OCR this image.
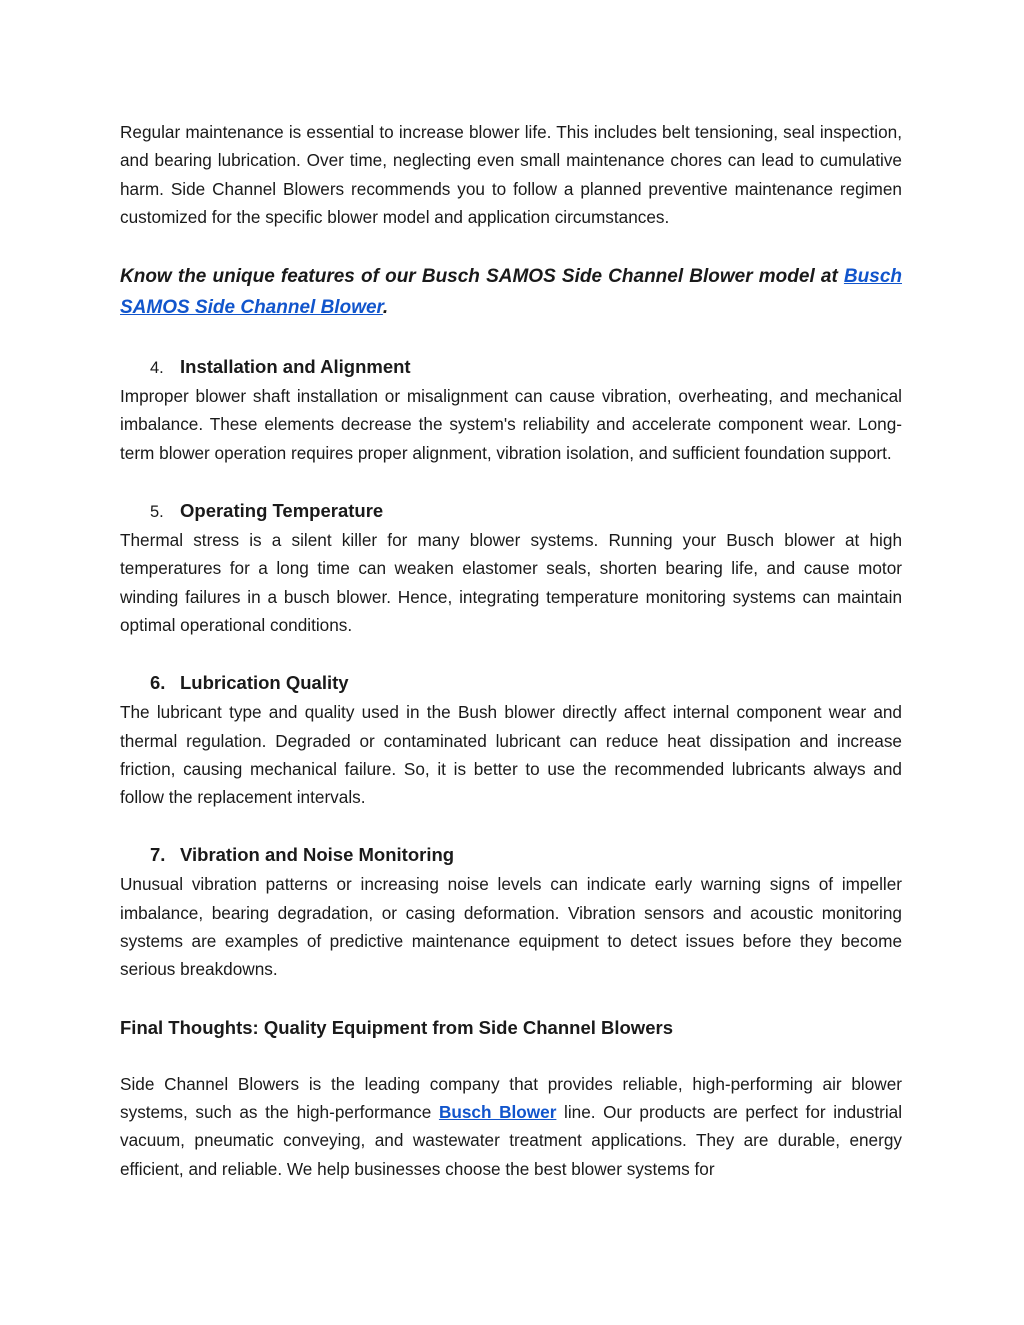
Regular maintenance is essential to increase blower life. This includes belt tensioning, seal inspection, and bearing lubrication. Over time, neglecting even small maintenance chores can lead to cumulative harm. Side Channel Blowers recommends you to follow a planned preventive maintenance regimen customized for the specific blower model and application circumstances.

Know the unique features of our Busch SAMOS Side Channel Blower model at Busch SAMOS Side Channel Blower.

4. Installation and Alignment

Improper blower shaft installation or misalignment can cause vibration, overheating, and mechanical imbalance. These elements decrease the system's reliability and accelerate component wear. Long-term blower operation requires proper alignment, vibration isolation, and sufficient foundation support.

5. Operating Temperature

Thermal stress is a silent killer for many blower systems. Running your Busch blower at high temperatures for a long time can weaken elastomer seals, shorten bearing life, and cause motor winding failures in a busch blower. Hence, integrating temperature monitoring systems can maintain optimal operational conditions.

6. Lubrication Quality

The lubricant type and quality used in the Bush blower directly affect internal component wear and thermal regulation. Degraded or contaminated lubricant can reduce heat dissipation and increase friction, causing mechanical failure. So, it is better to use the recommended lubricants always and follow the replacement intervals.

7. Vibration and Noise Monitoring

Unusual vibration patterns or increasing noise levels can indicate early warning signs of impeller imbalance, bearing degradation, or casing deformation. Vibration sensors and acoustic monitoring systems are examples of predictive maintenance equipment to detect issues before they become serious breakdowns.

Final Thoughts: Quality Equipment from Side Channel Blowers

Side Channel Blowers is the leading company that provides reliable, high-performing air blower systems, such as the high-performance Busch Blower line. Our products are perfect for industrial vacuum, pneumatic conveying, and wastewater treatment applications. They are durable, energy efficient, and reliable. We help businesses choose the best blower systems for
